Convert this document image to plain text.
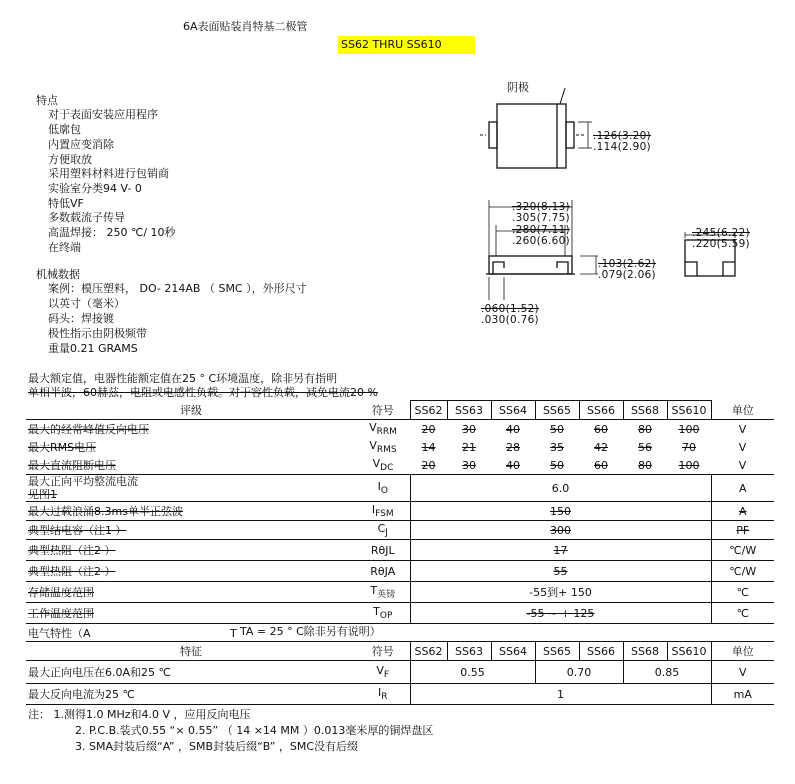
6A表面贴装肖特基二极管
SS62 THRU SS610
特点
对于表面安装应用程序
低廓包
内置应变消除
方便取放
采用塑料材料进行包销商
实验室分类94 V- 0
特低VF
多数载流子传导
高温焊接： 250 ℃/ 10秒
在终端
机械数据
案例：模压塑料， DO- 214AB （ SMC ），外形尺寸
以英寸（毫米）
码头：焊接镀
极性指示由阴极频带
重量0.21 GRAMS
阴极
.126(3.20)
.114(2.90)
.320(8.13)
.305(7.75)
.280(7.11)
.260(6.60)
.103(2.62)
.079(2.06)
.245(6.22)
.220(5.59)
.060(1.52)
.030(0.76)
最大额定值，电器性能额定值在25 ° C环境温度，除非另有指明
单相半波，60赫兹，电阻或电感性负载。对于容性负载，减免电流20 %
评级	符号	SS62	SS63	SS64	SS65	SS66	SS68	SS610	单位
最大的经常峰值反向电压	$V_{RRM}$	20	30	40	50	60	80	100	V
最大RMS电压	$V_{RMS}$	14	21	28	35	42	56	70	V
最大直流阻断电压	$V_{DC}$	20	30	40	50	60	80	100	V
最大正向平均整流电流
见图1	$I_O$	6.0							A
最大过载浪涌8.3ms单半正弦波	$I_{FSM}$	150							A
典型结电容（注1 ）	$C_J$	300							PF
典型热阻（注2 ）	RθJL	17							℃/W
典型热阻（注2 ）	RθJA	55							℃/W
存储温度范围	$T_{英镑}$	-55到+ 150							℃
工作温度范围	$T_{OP}$	-55 ~ + 125							℃
电气特性（A	T TA = 25 ° C除非另有说明）
特征	符号	SS62	SS63	SS64	SS65	SS66	SS68	SS610	单位
最大正向电压在6.0A和25 ℃	$V_F$	0.55			0.70		0.85		V
最大反向电流为25 ℃	$I_R$	1							mA
注： 1.测得1.0 MHz和4.0 V ，应用反向电压
2. P.C.B.装式0.55 “× 0.55” （ 14 ×14 MM ）0.013毫米厚的铜焊盘区
3. SMA封装后缀“A” ，SMB封装后缀“B” ，SMC没有后缀
